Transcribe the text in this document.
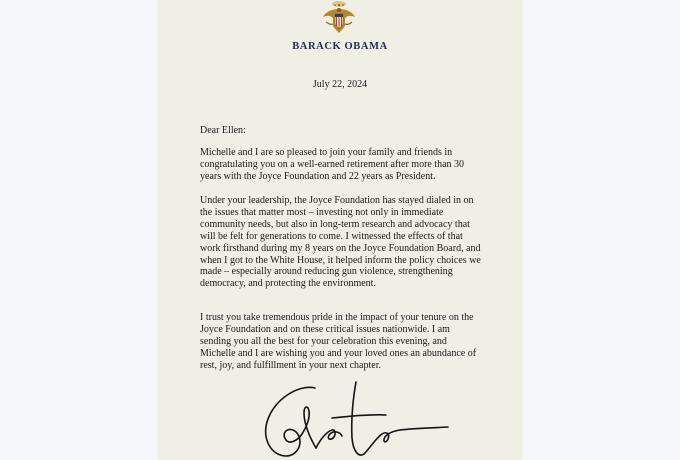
BARACK OBAMA
July 22, 2024
Dear Ellen:

Michelle and I are so pleased to join your family and friends in congratulating you on a well-earned retirement after more than 30 years with the Joyce Foundation and 22 years as President.

Under your leadership, the Joyce Foundation has stayed dialed in on the issues that matter most – investing not only in immediate community needs, but also in long-term research and advocacy that will be felt for generations to come. I witnessed the effects of that work firsthand during my 8 years on the Joyce Foundation Board, and when I got to the White House, it helped inform the policy choices we made – especially around reducing gun violence, strengthening democracy, and protecting the environment.

I trust you take tremendous pride in the impact of your tenure on the Joyce Foundation and on these critical issues nationwide. I am sending you all the best for your celebration this evening, and Michelle and I are wishing you and your loved ones an abundance of rest, joy, and fulfillment in your next chapter.
